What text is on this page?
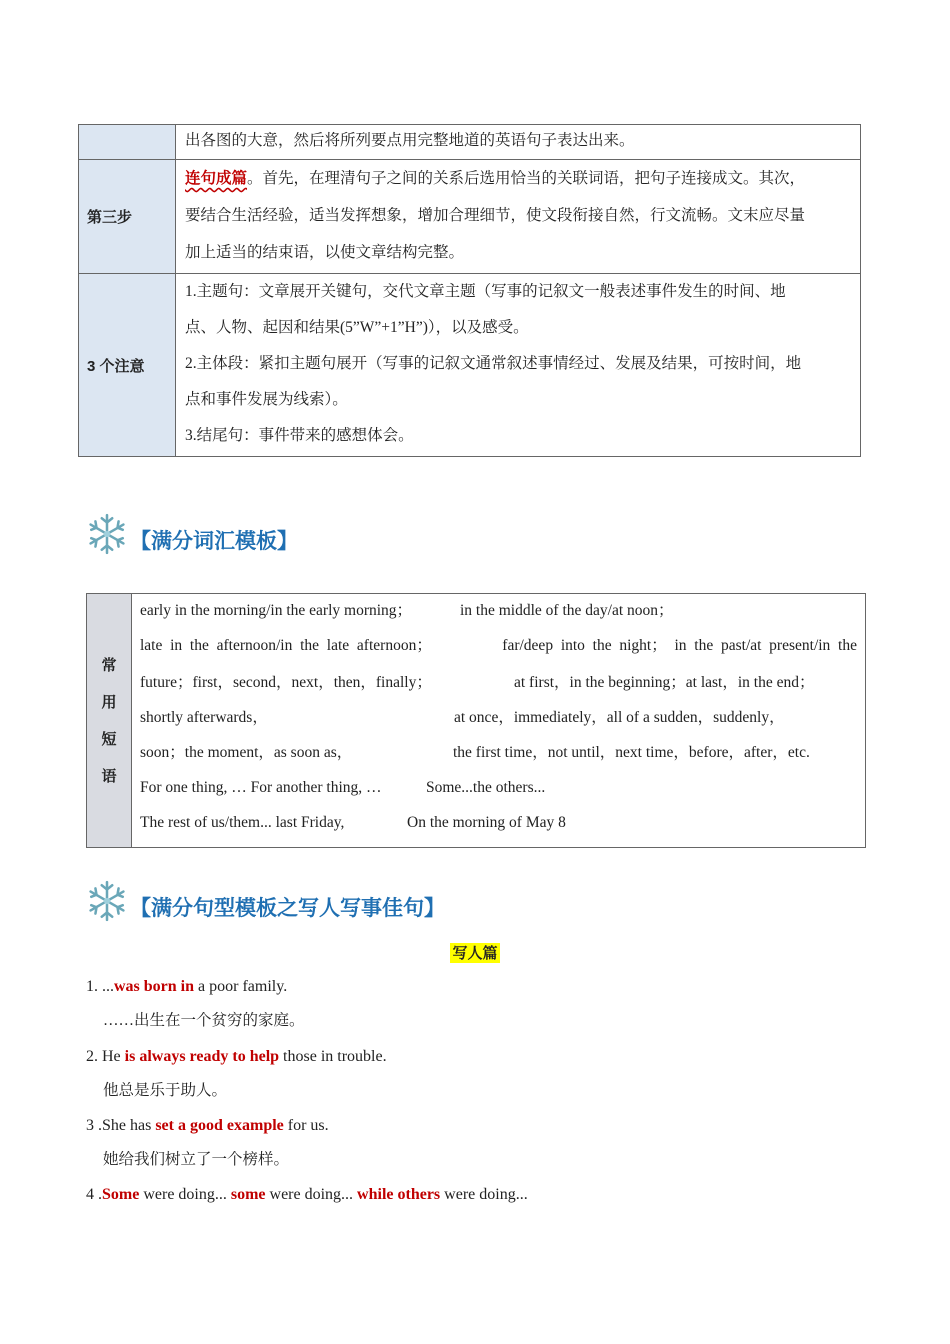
	出各图的大意，然后将所列要点用完整地道的英语句子表达出来。
第三步	连句成篇。首先，在理清句子之间的关系后选用恰当的关联词语，把句子连接成文。其次，
要结合生活经验，适当发挥想象，增加合理细节，使文段衔接自然，行文流畅。文末应尽量
加上适当的结束语，以使文章结构完整。

3 个注意	1.主题句：文章展开关键句，交代文章主题（写事的记叙文一般表述事件发生的时间、地
点、人物、起因和结果(5”W”+1”H”)），以及感受。
2.主体段：紧扣主题句展开（写事的记叙文通常叙述事情经过、发展及结果，可按时间，地
点和事件发展为线索）。
3.结尾句：事件带来的感想体会。
【满分词汇模板】
常
用
短
语

early in the morning/in the early morning；	in the middle of the day/at noon；
late  in  the  afternoon/in  the  late  afternoon；	far/deep  into  the  night；  in  the  past/at  present/in  the
future；first，second，next，then，finally；	at first，in the beginning；at last，in the end；
shortly afterwards，	at once，immediately，all of a sudden，suddenly，
soon；the moment，as soon as，	the first time，not until，next time，before，after，etc.
For one thing, … For another thing, …	Some...the others...
The rest of us/them... last Friday,	On the morning of May 8
【满分句型模板之写人写事佳句】
写人篇
1. ...was born in a poor family.
……出生在一个贫穷的家庭。
2. He is always ready to help those in trouble.
他总是乐于助人。
3 .She has set a good example for us.
她给我们树立了一个榜样。
4 .Some were doing... some were doing... while others were doing...
